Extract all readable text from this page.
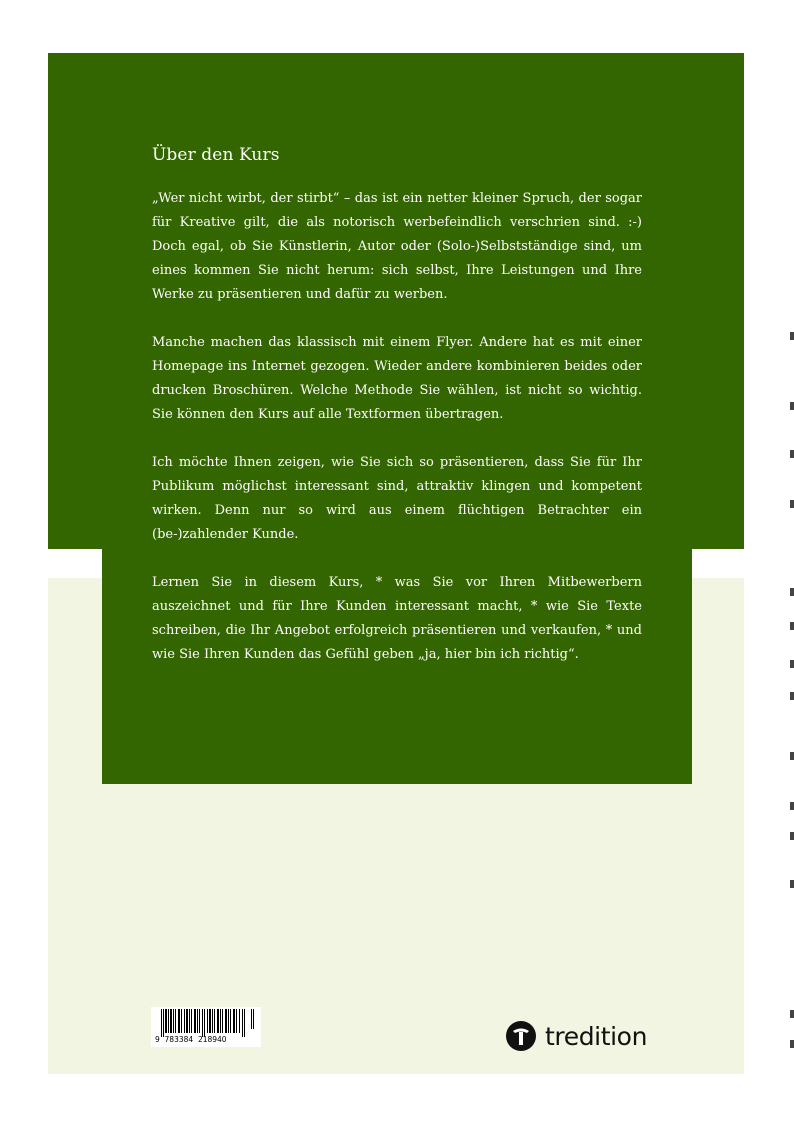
Über den Kurs

„Wer nicht wirbt, der stirbt“ – das ist ein netter kleiner Spruch, der sogar für Kreative gilt, die als notorisch werbefeindlich verschrien sind. :-) Doch egal, ob Sie Künstlerin, Autor oder (Solo-)Selbstständige sind, um eines kommen Sie nicht herum: sich selbst, Ihre Leistungen und Ihre Werke zu präsentieren und dafür zu werben.

Manche machen das klassisch mit einem Flyer. Andere hat es mit einer Homepage ins Internet gezogen. Wieder andere kombinieren beides oder drucken Broschüren. Welche Methode Sie wählen, ist nicht so wichtig. Sie können den Kurs auf alle Textformen übertragen.

Ich möchte Ihnen zeigen, wie Sie sich so präsentieren, dass Sie für Ihr Publikum möglichst interessant sind, attraktiv klingen und kompetent wirken. Denn nur so wird aus einem flüchtigen Betrachter ein (be-)zahlender Kunde.

Lernen Sie in diesem Kurs, * was Sie vor Ihren Mitbewerbern auszeichnet und für Ihre Kunden interessant macht, * wie Sie Texte schreiben, die Ihr Angebot erfolgreich präsentieren und verkaufen, * und wie Sie Ihren Kunden das Gefühl geben „ja, hier bin ich richtig“.

9  783384  218940	tredition
